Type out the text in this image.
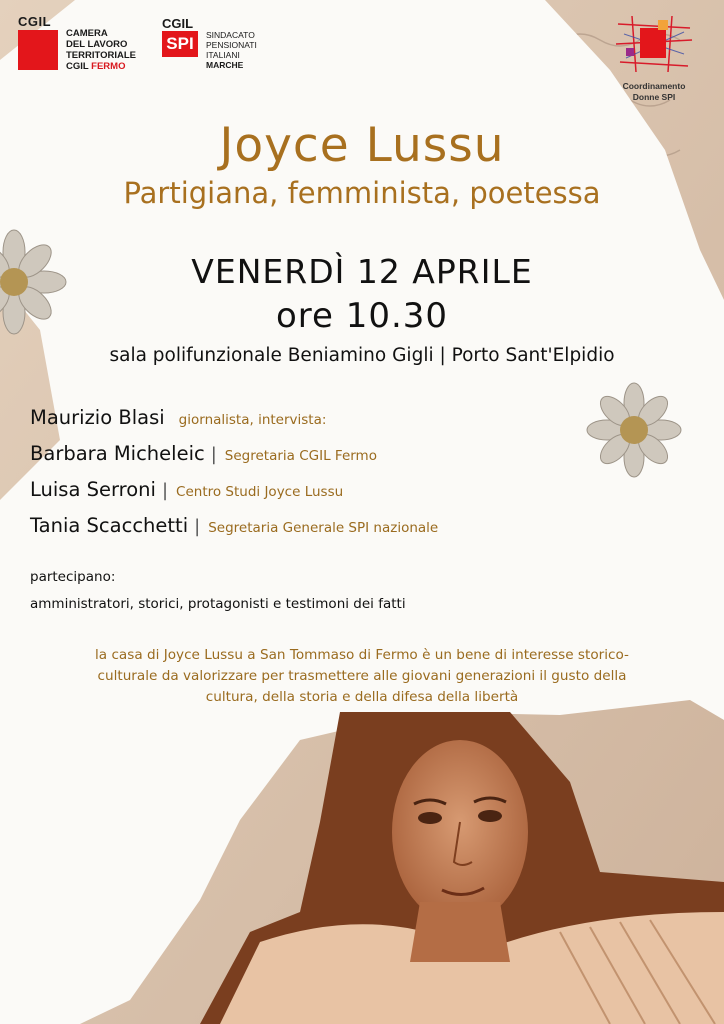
CGIL
CAMERA
DEL LAVORO
TERRITORIALE
CGIL FERMO
CGIL
SPI	SINDACATO
PENSIONATI
ITALIANI
MARCHE
Coordinamento
Donne SPI
Joyce Lussu
Partigiana, femminista, poetessa
VENERDÌ 12 APRILE
ore 10.30
sala polifunzionale Beniamino Gigli | Porto Sant'Elpidio
Maurizio Blasi giornalista, intervista:
Barbara Micheleic | Segretaria CGIL Fermo
Luisa Serroni | Centro Studi Joyce Lussu
Tania Scacchetti | Segretaria Generale SPI nazionale
partecipano:
amministratori, storici, protagonisti e testimoni dei fatti
la casa di Joyce Lussu a San Tommaso di Fermo è un bene di interesse storico-
culturale da valorizzare per trasmettere alle giovani generazioni il gusto della
cultura, della storia e della difesa della libertà
